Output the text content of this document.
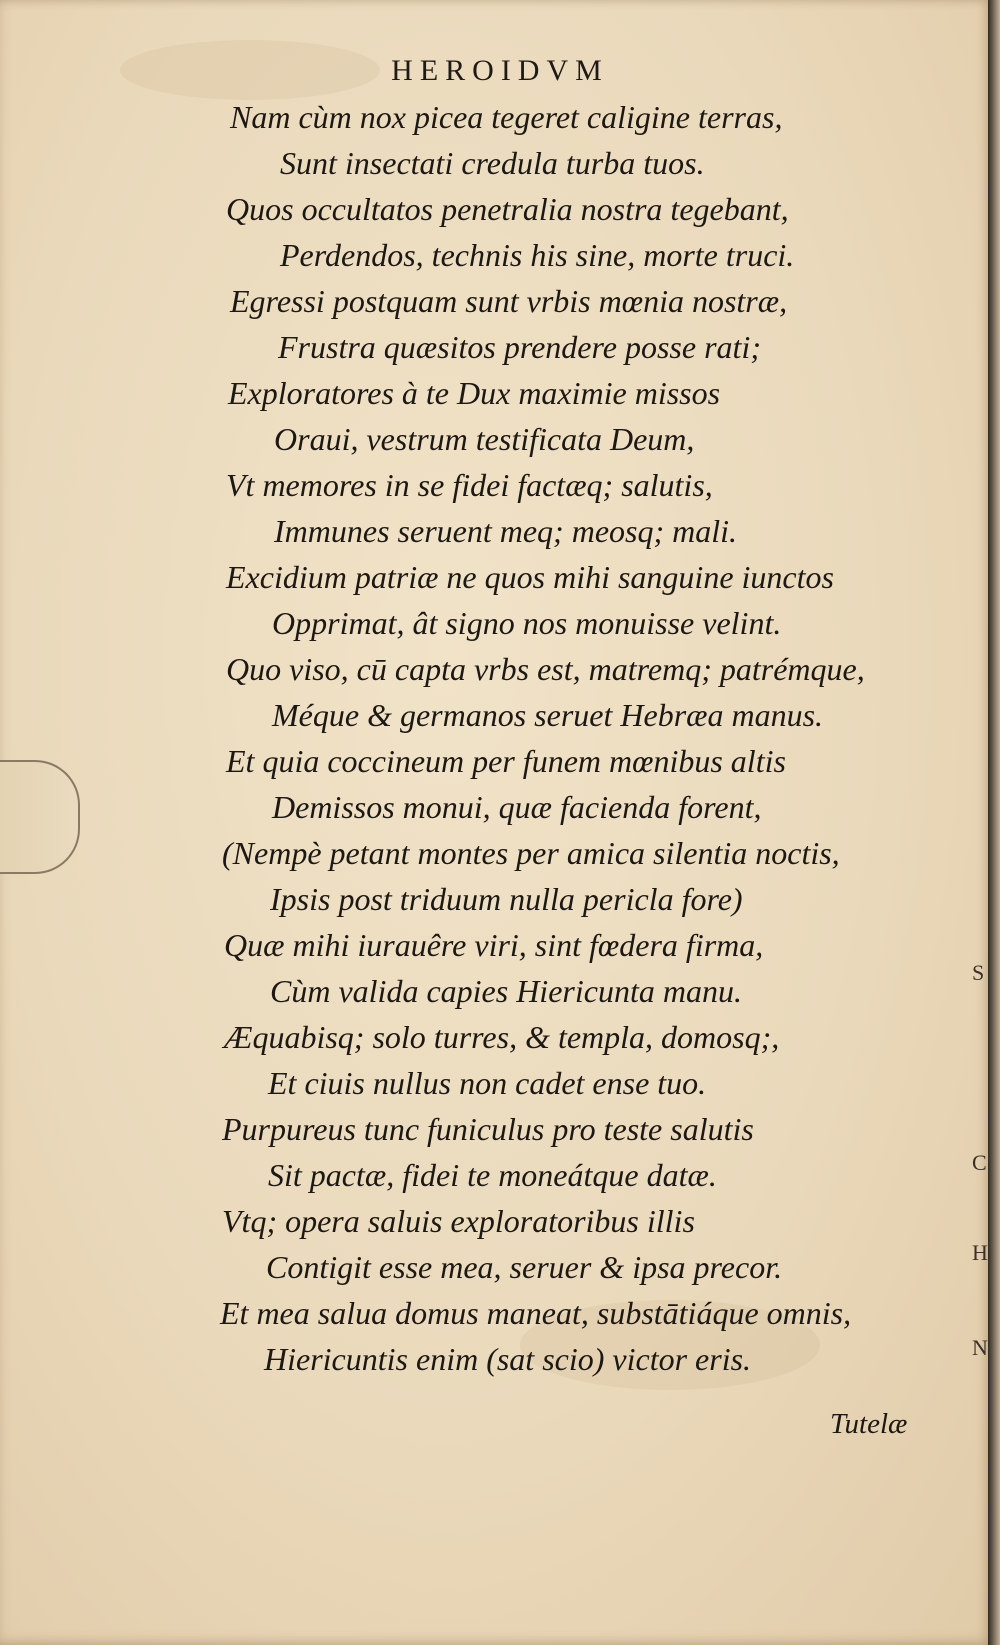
HEROIDVM
Nam cùm nox picea tegeret caligine terras,
Sunt insectati credula turba tuos.
Quos occultatos penetralia nostra tegebant,
Perdendos, technis his sine, morte truci.
Egressi postquam sunt vrbis mœnia nostræ,
Frustra quæsitos prendere posse rati;
Exploratores à te Dux maximie missos
Oraui, vestrum testificata Deum,
Vt memores in se fidei factæq; salutis,
Immunes seruent meq; meosq; mali.
Excidium patriæ ne quos mihi sanguine iunctos
Opprimat, ât signo nos monuisse velint.
Quo viso, cū capta vrbs est, matremq; patrémque,
Méque & germanos seruet Hebræa manus.
Et quia coccineum per funem mœnibus altis
Demissos monui, quæ facienda forent,
(Nempè petant montes per amica silentia noctis,
Ipsis post triduum nulla pericla fore)
Quæ mihi iurauêre viri, sint fœdera firma,
Cùm valida capies Hiericunta manu.
Æquabisq; solo turres, & templa, domosq;,
Et ciuis nullus non cadet ense tuo.
Purpureus tunc funiculus pro teste salutis
Sit pactæ, fidei te moneátque datæ.
Vtq; opera saluis exploratoribus illis
Contigit esse mea, seruer & ipsa precor.
Et mea salua domus maneat, substātiáque omnis,
Hiericuntis enim (sat scio) victor eris.
Tutelæ
S
C
H
N
